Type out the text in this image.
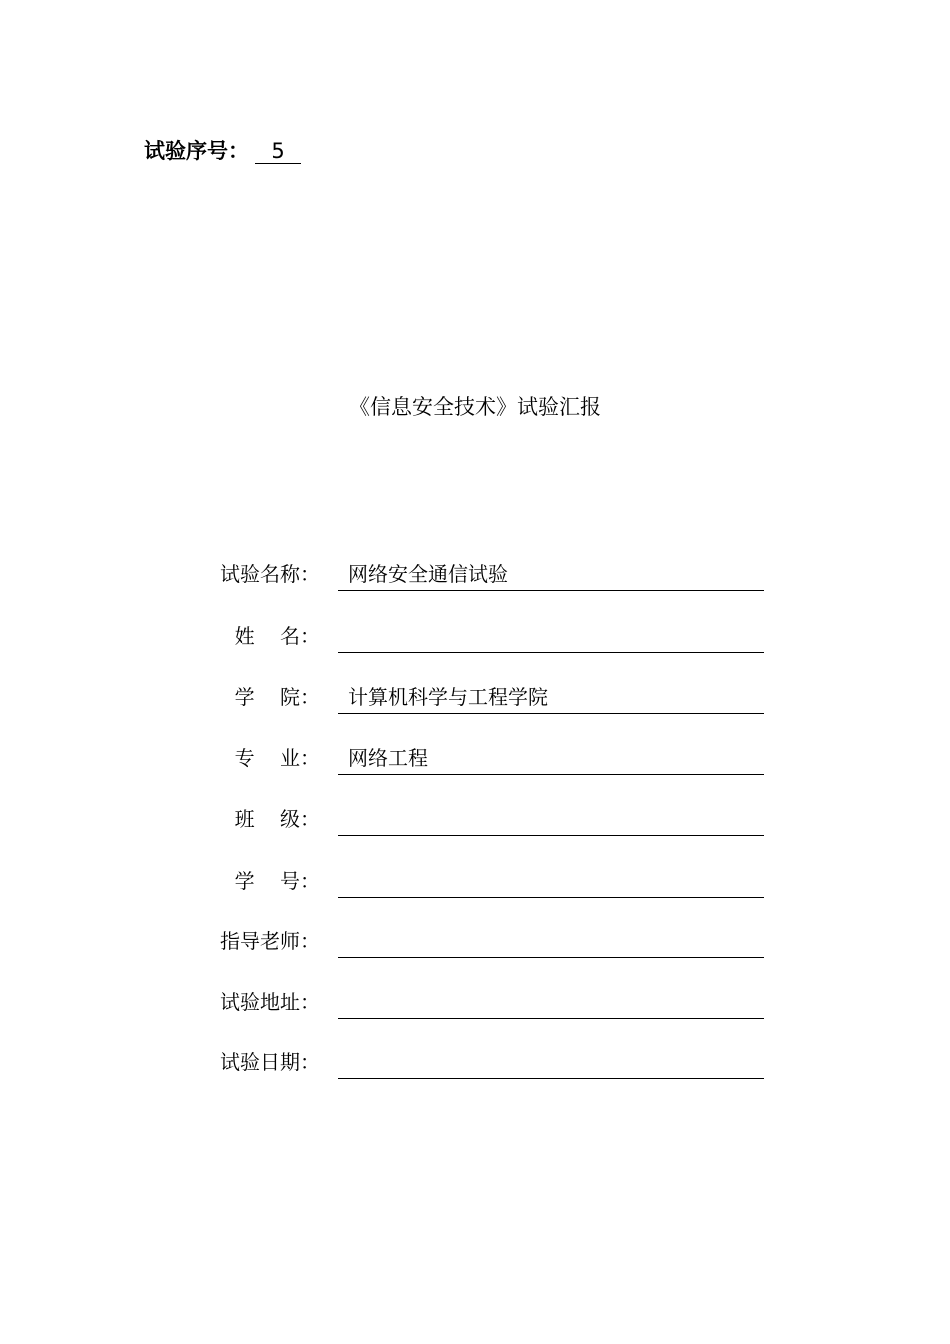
试验序号： 5
《信息安全技术》试验汇报
试验名称： 网络安全通信试验
姓    名：
学    院： 计算机科学与工程学院
专    业： 网络工程
班    级：
学    号：
指导老师：
试验地址：
试验日期：
